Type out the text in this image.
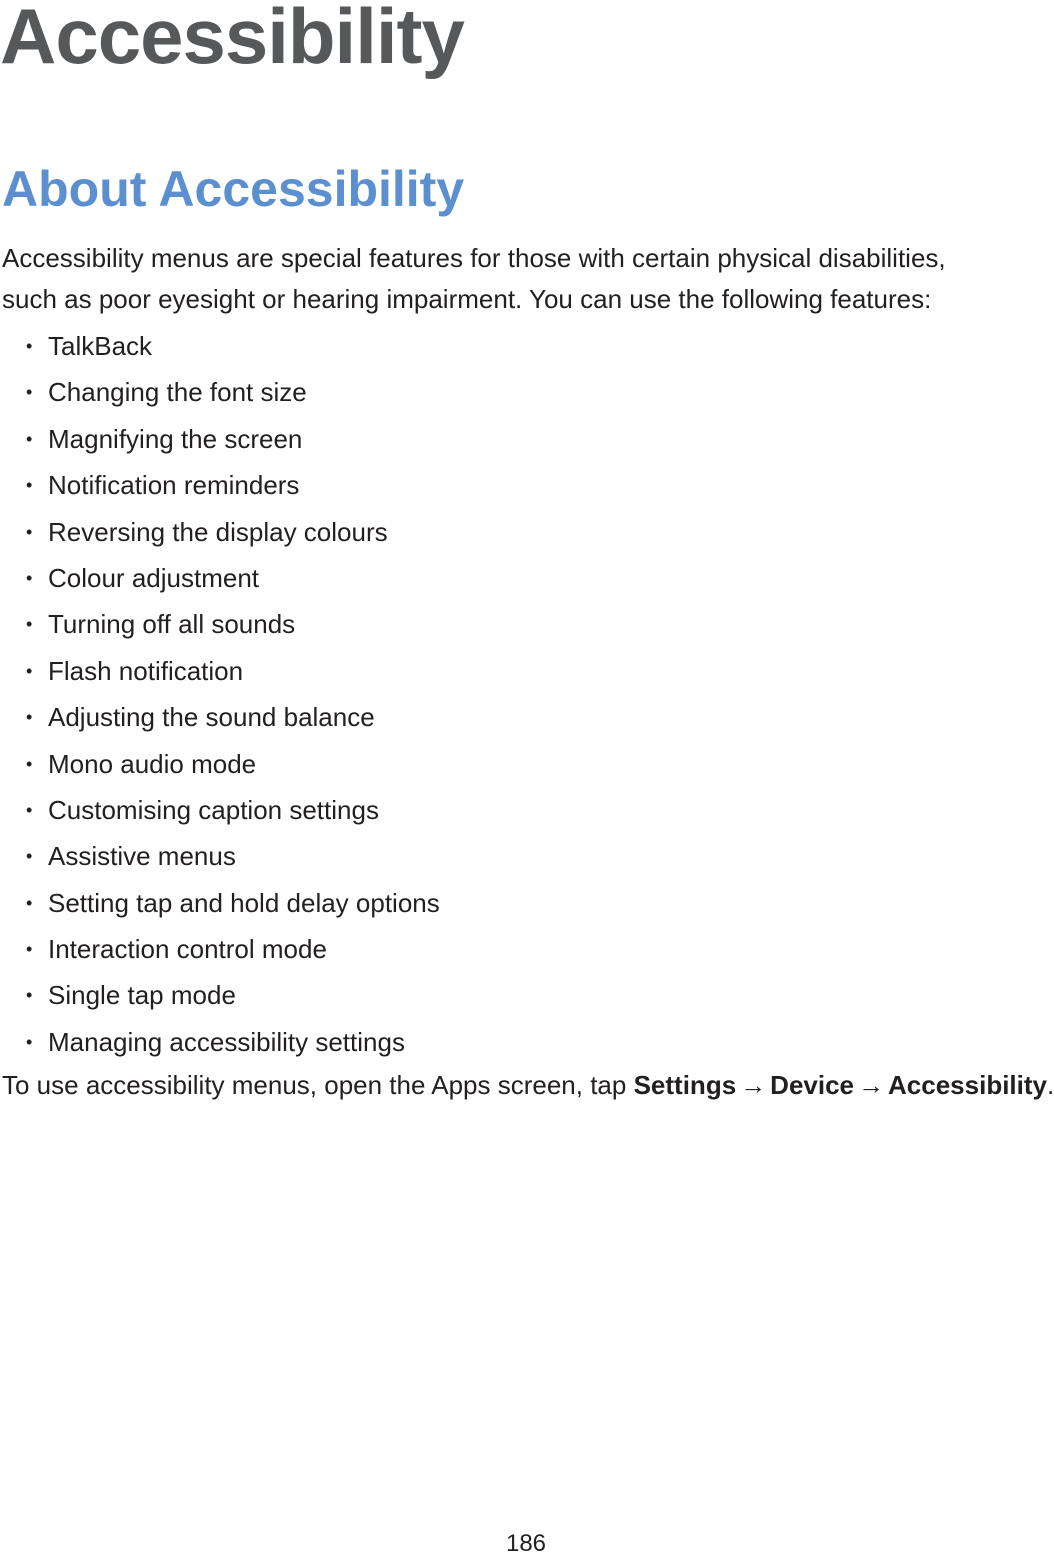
Accessibility
About Accessibility

Accessibility menus are special features for those with certain physical disabilities, such as poor eyesight or hearing impairment. You can use the following features:

• TalkBack
• Changing the font size
• Magnifying the screen
• Notification reminders
• Reversing the display colours
• Colour adjustment
• Turning off all sounds
• Flash notification
• Adjusting the sound balance
• Mono audio mode
• Customising caption settings
• Assistive menus
• Setting tap and hold delay options
• Interaction control mode
• Single tap mode
• Managing accessibility settings

To use accessibility menus, open the Apps screen, tap Settings → Device → Accessibility.

186
